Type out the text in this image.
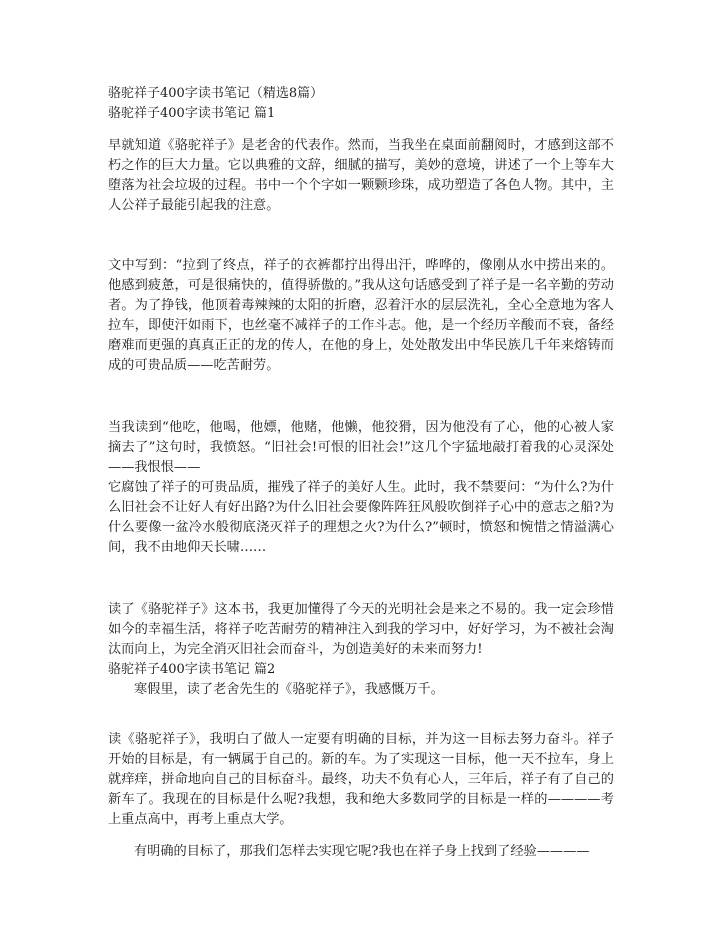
骆驼祥子400字读书笔记（精选8篇）

骆驼祥子400字读书笔记 篇1

早就知道《骆驼祥子》是老舍的代表作。然而，当我坐在桌面前翻阅时，才感到这部不朽之作的巨大力量。它以典雅的文辞，细腻的描写，美妙的意境，讲述了一个上等车大堕落为社会垃圾的过程。书中一个个字如一颗颗珍珠，成功塑造了各色人物。其中，主人公祥子最能引起我的注意。

文中写到：“拉到了终点，祥子的衣裤都拧出得出汗，哗哗的，像刚从水中捞出来的。他感到疲惫，可是很痛快的，值得骄傲的。”我从这句话感受到了祥子是一名辛勤的劳动者。为了挣钱，他顶着毒辣辣的太阳的折磨，忍着汗水的层层洗礼，全心全意地为客人拉车，即使汗如雨下，也丝毫不减祥子的工作斗志。他，是一个经历辛酸而不衰，备经磨难而更强的真真正正的龙的传人，在他的身上，处处散发出中华民族几千年来熔铸而成的可贵品质——吃苦耐劳。

当我读到“他吃，他喝，他嫖，他赌，他懒，他狡猾，因为他没有了心，他的心被人家摘去了”这句时，我愤怒。“旧社会!可恨的旧社会!”这几个字猛地敲打着我的心灵深处——我恨恨——

它腐蚀了祥子的可贵品质，摧残了祥子的美好人生。此时，我不禁要问：“为什么?为什么旧社会不让好人有好出路?为什么旧社会要像阵阵狂风般吹倒祥子心中的意志之船?为什么要像一盆冷水般彻底浇灭祥子的理想之火?为什么?”顿时，愤怒和惋惜之情溢满心间，我不由地仰天长啸……

读了《骆驼祥子》这本书，我更加懂得了今天的光明社会是来之不易的。我一定会珍惜如今的幸福生活，将祥子吃苦耐劳的精神注入到我的学习中，好好学习，为不被社会淘汰而向上，为完全消灭旧社会而奋斗，为创造美好的未来而努力!

骆驼祥子400字读书笔记 篇2

寒假里，读了老舍先生的《骆驼祥子》，我感慨万千。

读《骆驼祥子》，我明白了做人一定要有明确的目标，并为这一目标去努力奋斗。祥子开始的目标是，有一辆属于自己的。新的车。为了实现这一目标，他一天不拉车，身上就痒痒，拼命地向自己的目标奋斗。最终，功夫不负有心人，三年后，祥子有了自己的新车了。我现在的目标是什么呢?我想，我和绝大多数同学的目标是一样的————考上重点高中，再考上重点大学。

有明确的目标了，那我们怎样去实现它呢?我也在祥子身上找到了经验————
